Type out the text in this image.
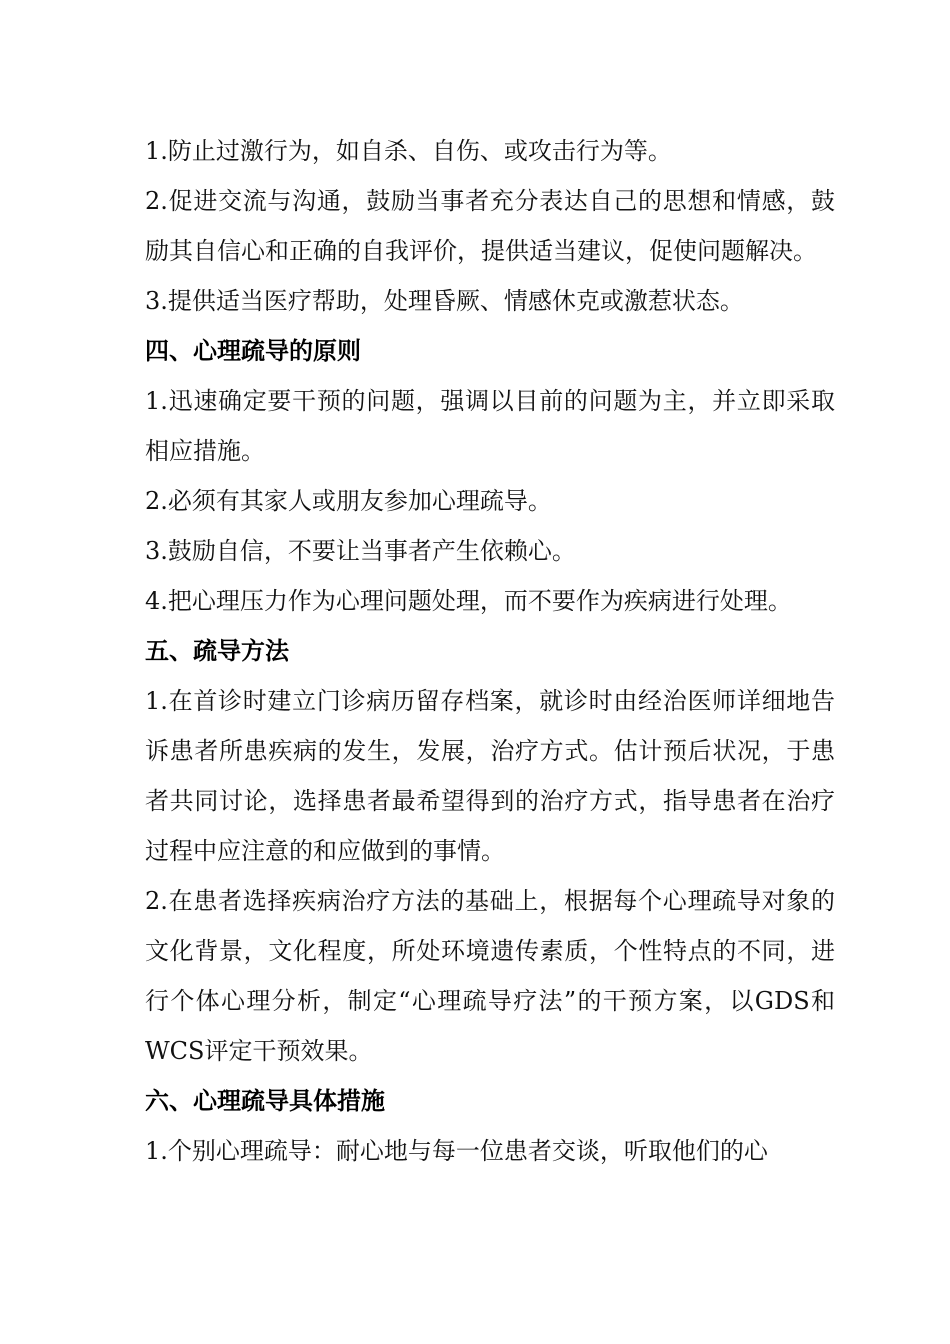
1.防止过激行为，如自杀、自伤、或攻击行为等。

2.促进交流与沟通，鼓励当事者充分表达自己的思想和情感，鼓励其自信心和正确的自我评价，提供适当建议，促使问题解决。

3.提供适当医疗帮助，处理昏厥、情感休克或激惹状态。

四、心理疏导的原则

1.迅速确定要干预的问题，强调以目前的问题为主，并立即采取相应措施。

2.必须有其家人或朋友参加心理疏导。

3.鼓励自信，不要让当事者产生依赖心。

4.把心理压力作为心理问题处理，而不要作为疾病进行处理。

五、疏导方法

1.在首诊时建立门诊病历留存档案，就诊时由经治医师详细地告诉患者所患疾病的发生，发展，治疗方式。估计预后状况，于患者共同讨论，选择患者最希望得到的治疗方式，指导患者在治疗过程中应注意的和应做到的事情。

2.在患者选择疾病治疗方法的基础上，根据每个心理疏导对象的文化背景，文化程度，所处环境遗传素质，个性特点的不同，进行个体心理分析，制定“心理疏导疗法”的干预方案，以GDS和WCS评定干预效果。

六、心理疏导具体措施

1.个别心理疏导：耐心地与每一位患者交谈，听取他们的心
